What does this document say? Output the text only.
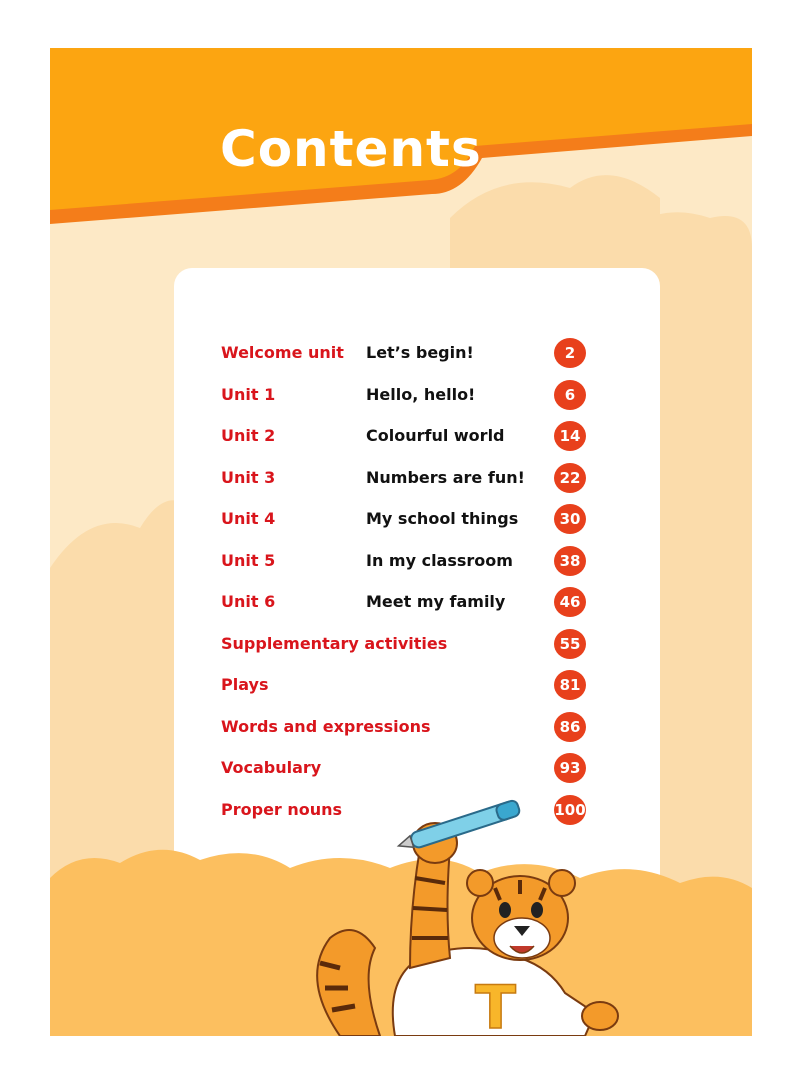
Contents
Welcome unit Let’s begin!	2
Unit 1	Hello, hello!	6
Unit 2	Colourful world	14
Unit 3	Numbers are fun!	22
Unit 4	My school things	30
Unit 5	In my classroom	38
Unit 6	Meet my family	46
Supplementary activities	55
Plays	81
Words and expressions	86
Vocabulary	93
Proper nouns	100
T
